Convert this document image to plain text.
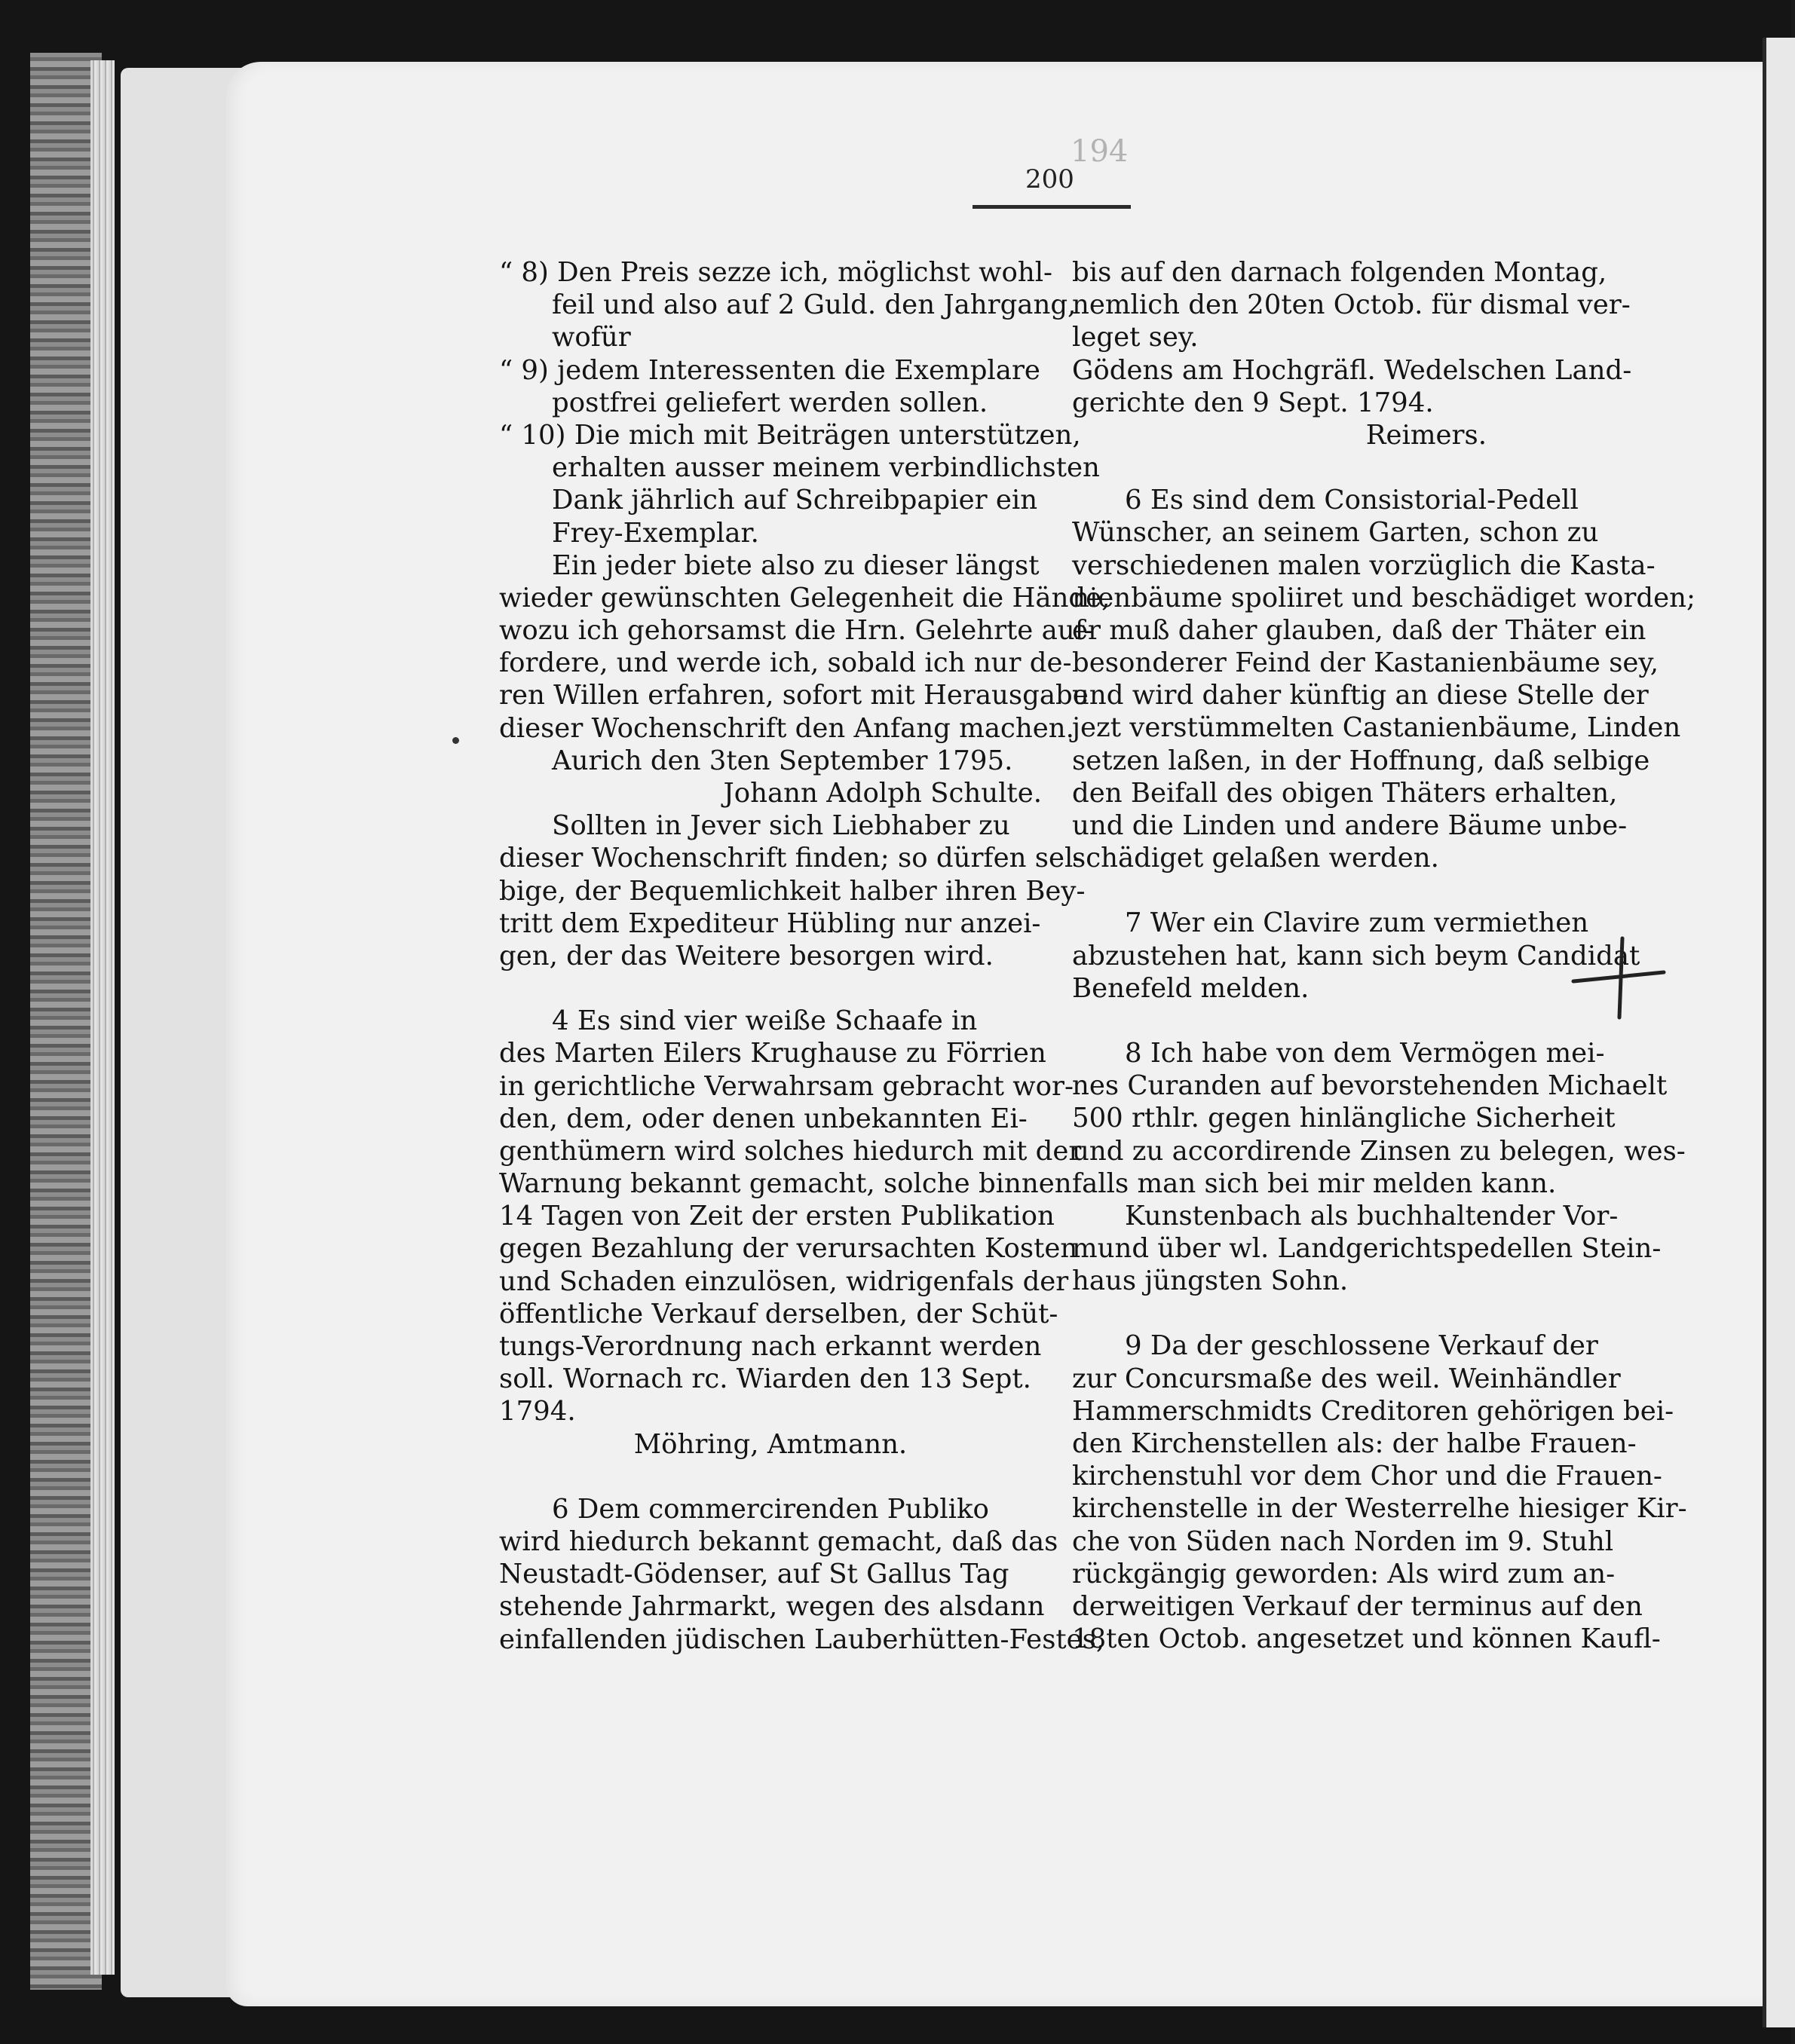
194
200
“ 8) Den Preis sezze ich, möglichst wohl-
feil und also auf 2 Guld. den Jahrgang,
wofür
“ 9) jedem Interessenten die Exemplare
postfrei geliefert werden sollen.
“ 10) Die mich mit Beiträgen unterstützen,
erhalten ausser meinem verbindlichsten
Dank jährlich auf Schreibpapier ein
Frey-Exemplar.
Ein jeder biete also zu dieser längst
wieder gewünschten Gelegenheit die Hände,
wozu ich gehorsamst die Hrn. Gelehrte auf-
fordere, und werde ich, sobald ich nur de-
ren Willen erfahren, sofort mit Herausgabe
dieser Wochenschrift den Anfang machen.
Aurich den 3ten September 1795.
Johann Adolph Schulte.
Sollten in Jever sich Liebhaber zu
dieser Wochenschrift finden; so dürfen sel-
bige, der Bequemlichkeit halber ihren Bey-
tritt dem Expediteur Hübling nur anzei-
gen, der das Weitere besorgen wird.
4 Es sind vier weiße Schaafe in
des Marten Eilers Krughause zu Förrien
in gerichtliche Verwahrsam gebracht wor-
den, dem, oder denen unbekannten Ei-
genthümern wird solches hiedurch mit der
Warnung bekannt gemacht, solche binnen
14 Tagen von Zeit der ersten Publikation
gegen Bezahlung der verursachten Kosten
und Schaden einzulösen, widrigenfals der
öffentliche Verkauf derselben, der Schüt-
tungs-Verordnung nach erkannt werden
soll. Wornach rc. Wiarden den 13 Sept.
1794.
Möhring, Amtmann.
6 Dem commercirenden Publiko
wird hiedurch bekannt gemacht, daß das
Neustadt-Gödenser, auf St Gallus Tag
stehende Jahrmarkt, wegen des alsdann
einfallenden jüdischen Lauberhütten-Festes,
bis auf den darnach folgenden Montag,
nemlich den 20ten Octob. für dismal ver-
leget sey.
Gödens am Hochgräfl. Wedelschen Land-
gerichte den 9 Sept. 1794.
Reimers.
6 Es sind dem Consistorial-Pedell
Wünscher, an seinem Garten, schon zu
verschiedenen malen vorzüglich die Kasta-
nienbäume spoliiret und beschädiget worden;
er muß daher glauben, daß der Thäter ein
besonderer Feind der Kastanienbäume sey,
und wird daher künftig an diese Stelle der
jezt verstümmelten Castanienbäume, Linden
setzen laßen, in der Hoffnung, daß selbige
den Beifall des obigen Thäters erhalten,
und die Linden und andere Bäume unbe-
schädiget gelaßen werden.
7 Wer ein Clavire zum vermiethen
abzustehen hat, kann sich beym Candidat
Benefeld melden.
8 Ich habe von dem Vermögen mei-
nes Curanden auf bevorstehenden Michaelt
500 rthlr. gegen hinlängliche Sicherheit
und zu accordirende Zinsen zu belegen, wes-
falls man sich bei mir melden kann.
Kunstenbach als buchhaltender Vor-
mund über wl. Landgerichtspedellen Stein-
haus jüngsten Sohn.
9 Da der geschlossene Verkauf der
zur Concursmaße des weil. Weinhändler
Hammerschmidts Creditoren gehörigen bei-
den Kirchenstellen als: der halbe Frauen-
kirchenstuhl vor dem Chor und die Frauen-
kirchenstelle in der Westerrelhe hiesiger Kir-
che von Süden nach Norden im 9. Stuhl
rückgängig geworden: Als wird zum an-
derweitigen Verkauf der terminus auf den
18ten Octob. angesetzet und können Kaufl-
